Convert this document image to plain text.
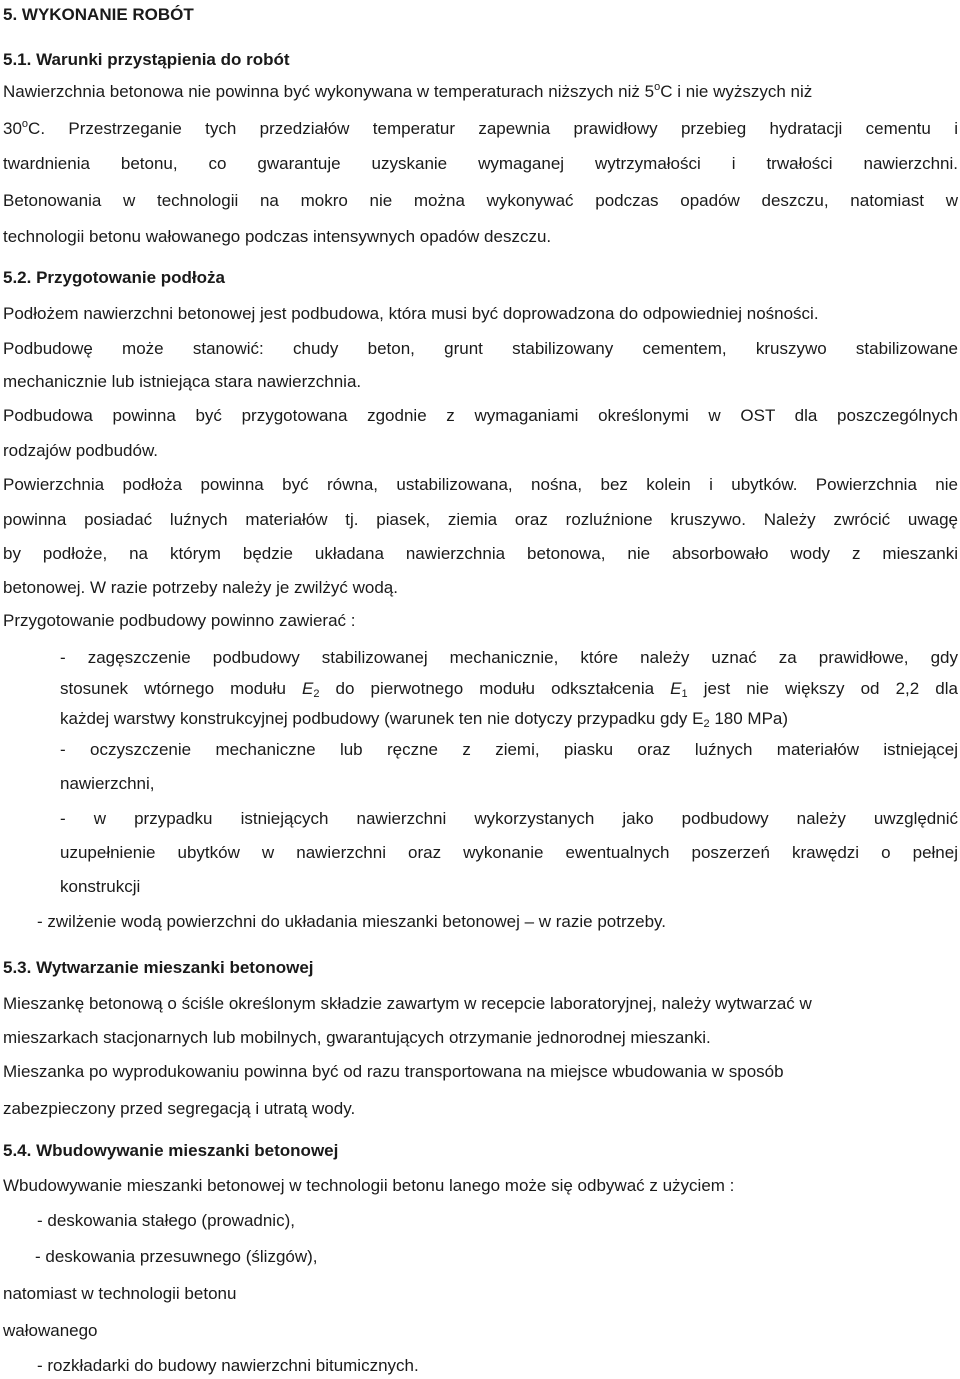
5. WYKONANIE ROBÓT
5.1. Warunki przystąpienia do robót
Nawierzchnia betonowa nie powinna być wykonywana w temperaturach niższych niż 5$^o$C i nie wyższych niż
30$^o$C. Przestrzeganie tych przedziałów temperatur zapewnia prawidłowy przebieg hydratacji cementu i
twardnienia betonu, co gwarantuje uzyskanie wymaganej wytrzymałości i trwałości nawierzchni.
Betonowania w technologii na mokro nie można wykonywać podczas opadów deszczu, natomiast w
technologii betonu wałowanego podczas intensywnych opadów deszczu.
5.2. Przygotowanie podłoża
Podłożem nawierzchni betonowej jest podbudowa, która musi być doprowadzona do odpowiedniej nośności.
Podbudowę może stanowić: chudy beton, grunt stabilizowany cementem, kruszywo stabilizowane
mechanicznie lub istniejąca stara nawierzchnia.
Podbudowa powinna być przygotowana zgodnie z wymaganiami określonymi w OST dla poszczególnych
rodzajów podbudów.
Powierzchnia podłoża powinna być równa, ustabilizowana, nośna, bez kolein i ubytków. Powierzchnia nie
powinna posiadać luźnych materiałów tj. piasek, ziemia oraz rozluźnione kruszywo. Należy zwrócić uwagę
by podłoże, na którym będzie układana nawierzchnia betonowa, nie absorbowało wody z mieszanki
betonowej. W razie potrzeby należy je zwilżyć wodą.
Przygotowanie podbudowy powinno zawierać :
- zagęszczenie podbudowy stabilizowanej mechanicznie, które należy uznać za prawidłowe, gdy
stosunek wtórnego modułu $E_2$ do pierwotnego modułu odkształcenia $E_1$ jest nie większy od 2,2 dla
każdej warstwy konstrukcyjnej podbudowy (warunek ten nie dotyczy przypadku gdy $E_2$ 180 MPa)
- oczyszczenie mechaniczne lub ręczne z ziemi, piasku oraz luźnych materiałów istniejącej
nawierzchni,
- w przypadku istniejących nawierzchni wykorzystanych jako podbudowy należy uwzględnić
uzupełnienie ubytków w nawierzchni oraz wykonanie ewentualnych poszerzeń krawędzi o pełnej
konstrukcji
- zwilżenie wodą powierzchni do układania mieszanki betonowej – w razie potrzeby.
5.3. Wytwarzanie mieszanki betonowej
Mieszankę betonową o ściśle określonym składzie zawartym w recepcie laboratoryjnej, należy wytwarzać w
mieszarkach stacjonarnych lub mobilnych, gwarantujących otrzymanie jednorodnej mieszanki.
Mieszanka po wyprodukowaniu powinna być od razu transportowana na miejsce wbudowania w sposób
zabezpieczony przed segregacją i utratą wody.
5.4. Wbudowywanie mieszanki betonowej
Wbudowywanie mieszanki betonowej w technologii betonu lanego może się odbywać z użyciem :
- deskowania stałego (prowadnic),
- deskowania przesuwnego (ślizgów),
natomiast w technologii betonu
wałowanego
- rozkładarki do budowy nawierzchni bitumicznych.
